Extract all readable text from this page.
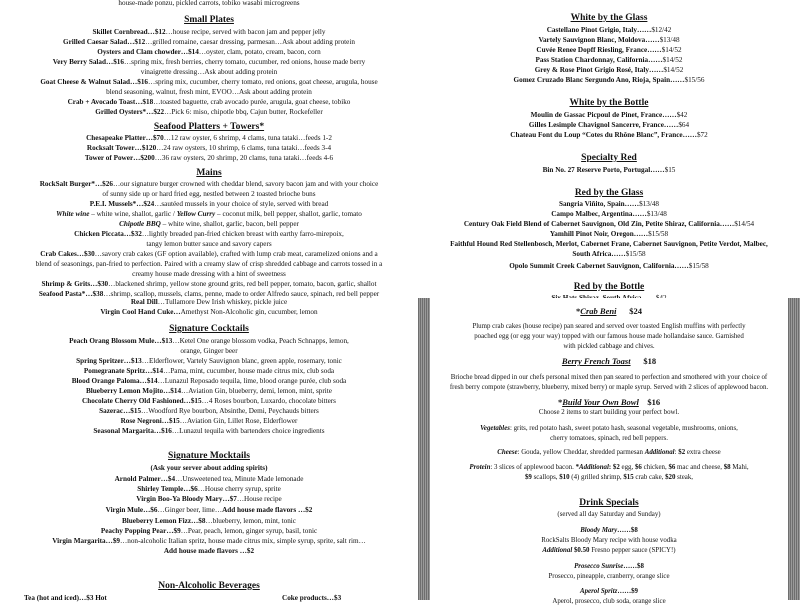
house-made ponzu, pickled carrots, tobiko wasabi microgreens
Small Plates
Skillet Cornbread…$12…house recipe, served with bacon jam and pepper jelly
Grilled Caesar Salad…$12…grilled romaine, caesar dressing, parmesan…Ask about adding protein
Oysters and Clam chowder…$14…oyster, clam, potato, cream, bacon, corn
Very Berry Salad…$16…spring mix, fresh berries, cherry tomato, cucumber, red onions, house made berry
vinaigrette dressing…Ask about adding protein
Goat Cheese & Walnut Salad…$16…spring mix, cucumber, cherry tomato, red onions, goat cheese, arugula, house
blend seasoning, walnut, fresh mint, EVOO…Ask about adding protein
Crab + Avocado Toast…$18…toasted baguette, crab avocado purée, arugula, goat cheese, tobiko
Grilled Oysters*…$22…Pick 6: miso, chipotle bbq, Cajun butter, Rockefeller
Seafood Platters + Towers*
Chesapeake Platter…$70…12 raw oyster, 6 shrimp, 4 clams, tuna tataki…feeds 1-2
Rocksalt Tower…$120…24 raw oysters, 10 shrimp, 6 clams, tuna tataki…feeds 3-4
Tower of Power…$200…36 raw oysters, 20 shrimp, 20 clams, tuna tataki…feeds 4-6
Mains
RockSalt Burger*…$26…our signature burger crowned with cheddar blend, savory bacon jam and with your choice
of sunny side up or hard fried egg, nestled between 2 toasted brioche buns
P.E.I. Mussels*…$24…sautéed mussels in your choice of style, served with bread
White wine – white wine, shallot, garlic / Yellow Curry – coconut milk, bell pepper, shallot, garlic, tomato
Chipotle BBQ – white wine, shallot, garlic, bacon, bell pepper
Chicken Piccata…$32…lightly breaded pan-fried chicken breast with earthy farro-mirepoix,
tangy lemon butter sauce and savory capers
Crab Cakes…$30…savory crab cakes (GF option available), crafted with lump crab meat, caramelized onions and a
blend of seasonings, pan-fried to perfection. Paired with a creamy slaw of crisp shredded cabbage and carrots tossed in a
creamy house made dressing with a hint of sweetness
Shrimp & Grits…$30…blackened shrimp, yellow stone ground grits, red bell pepper, tomato, bacon, garlic, shallot
Seafood Pasta*…$38…shrimp, scallop, mussels, clams, penne, made to order Alfredo sauce, spinach, red bell pepper
Real Dill…Tullamore Dew Irish whiskey, pickle juice
Virgin Cool Hand Cuke…Amethyst Non-Alcoholic gin, cucumber, lemon
Signature Cocktails
Peach Orang Blossom Mule…$13…Ketel One orange blossom vodka, Peach Schnapps, lemon,
orange, Ginger beer
Spring Spritzer…$13…Elderflower, Vartely Sauvignon blanc, green apple, rosemary, tonic
Pomegranate Spritz…$14…Pama, mint, cucumber, house made citrus mix, club soda
Blood Orange Paloma…$14…Lunazul Reposado tequila, lime, blood orange purée, club soda
Blueberry Lemon Mojito…$14…Aviation Gin, blueberry, demi, lemon, mint, sprite
Chocolate Cherry Old Fashioned…$15…4 Roses bourbon, Luxardo, chocolate bitters
Sazerac…$15…Woodford Rye bourbon, Absinthe, Demi, Peychauds bitters
Rose Negroni…$15…Aviation Gin, Lillet Rose, Elderflower
Seasonal Margarita…$16…Lunazul tequila with bartenders choice ingredients
Signature Mocktails
(Ask your server about adding spirits)
Arnold Palmer…$4…Unsweetened tea, Minute Made lemonade
Shirley Temple…$6…House cherry syrup, sprite
Virgin Boo-Ya Bloody Mary…$7…House recipe
Virgin Mule…$6…Ginger beer, lime…Add house made flavors …$2
Blueberry Lemon Fizz…$8…blueberry, lemon, mint, tonic
Peachy Popping Pear…$9…Pear, peach, lemon, ginger syrup, basil, tonic
Virgin Margarita…$9…non-alcoholic Italian spritz, house made citrus mix, simple syrup, sprite, salt rim…
Add house made flavors …$2
Non-Alcoholic Beverages
Tea (hot and iced)…$3 Hot	Coke products…$3
White by the Glass
Castellano Pinot Grigio, Italy……$12/42
Vartely Sauvignon Blanc, Moldova……$13/48
Cuvée Renee Dopff Riesling, France……$14/52
Pass Station Chardonnay, California……$14/52
Grey & Rose Pinot Grigio Rosé, Italy……$14/52
Gomez Cruzado Blanc Sergundo Ano, Rioja, Spain……$15/56
White by the Bottle
Moulin de Gassac Picpoul de Pinet, France……$42
Gilles Lesimple Chavignol Sancerre, France……$64
Chateau Font du Loup “Cotes du Rhône Blanc”, France……$72
Specialty Red
Bin No. 27 Reserve Porto, Portugal……$15
Red by the Glass
Sangria Viñito, Spain……$13/48
Campo Malbec, Argentina……$13/48
Century Oak Field Blend of Cabernet Sauvignon, Old Zin, Petite Shiraz, California……$14/54
Yamhill Pinot Noir, Oregon……$15/58
Faithful Hound Red Stellenbosch, Merlot, Cabernet Frane, Cabernet Sauvignon, Petite Verdot, Malbec,
South Africa……$15/58
Opolo Summit Creek Cabernet Sauvignon, California……$15/58
Red by the Bottle
*Crab Beni      $24
Plump crab cakes (house recipe) pan seared and served over toasted English muffins with perfectly
poached egg (or egg your way) topped with our famous house made hollandaise sauce. Garnished
with pickled cabbage and chives.
Berry French Toast      $18
Brioche bread dipped in our chefs personal mixed then pan seared to perfection and smothered with your choice of
fresh berry compote (strawberry, blueberry, mixed berry) or maple syrup. Served with 2 slices of applewood bacon.
*Build Your Own Bowl    $16
Choose 2 items to start building your perfect bowl.
Vegetables: grits, red potato hash, sweet potato hash, seasonal vegetable, mushrooms, onions,
cherry tomatoes, spinach, red bell peppers.
Cheese: Gouda, yellow Cheddar, shredded parmesan Additional: $2 extra cheese
Protein: 3 slices of applewood bacon. *Additional: $2 egg, $6 chicken, $6 mac and cheese, $8 Mahi,
$9 scallops, $10 (4) grilled shrimp, $15 crab cake, $20 steak,
Drink Specials
(served all day Saturday and Sunday)
Bloody Mary……$8
RockSalts Bloody Mary recipe with house vodka
Additional $0.50 Fresno pepper sauce (SPICY!)
Prosecco Sunrise……$8
Prosecco, pineapple, cranberry, orange slice
Aperol Spritz……$9
Aperol, prosecco, club soda, orange slice
